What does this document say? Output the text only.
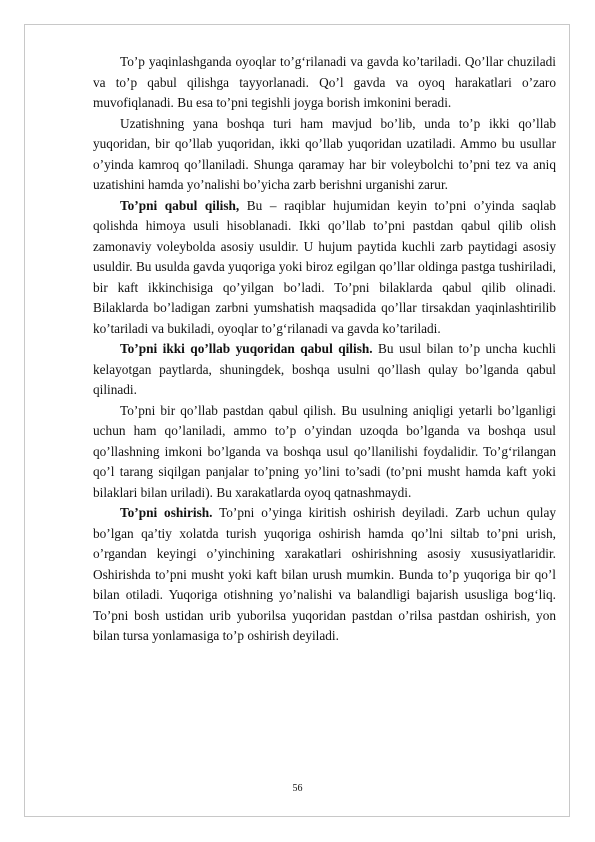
To’p yaqinlashganda oyoqlar to’g‘rilanadi va gavda ko’tariladi. Qo’llar chuziladi va to’p qabul qilishga tayyorlanadi. Qo’l gavda va oyoq harakatlari o’zaro muvofiqlanadi. Bu esa to’pni tegishli joyga borish imkonini beradi.

Uzatishning yana boshqa turi ham mavjud bo’lib, unda to’p ikki qo’llab yuqoridan, bir qo’llab yuqoridan, ikki qo’llab yuqoridan uzatiladi. Ammo bu usullar o’yinda kamroq qo’llaniladi. Shunga qaramay har bir voleybolchi to’pni tez va aniq uzatishini hamda yo’nalishi bo’yicha zarb berishni urganishi zarur.

To’pni qabul qilish, Bu – raqiblar hujumidan keyin to’pni o’yinda saqlab qolishda himoya usuli hisoblanadi. Ikki qo’llab to’pni pastdan qabul qilib olish zamonaviy voleybolda asosiy usuldir. U hujum paytida kuchli zarb paytidagi asosiy usuldir. Bu usulda gavda yuqoriga yoki biroz egilgan qo’llar oldinga pastga tushiriladi, bir kaft ikkinchisiga qo’yilgan bo’ladi. To’pni bilaklarda qabul qilib olinadi. Bilaklarda bo’ladigan zarbni yumshatish maqsadida qo’llar tirsakdan yaqinlashtirilib ko’tariladi va bukiladi, oyoqlar to’g‘rilanadi va gavda ko’tariladi.

To’pni ikki qo’llab yuqoridan qabul qilish. Bu usul bilan to’p uncha kuchli kelayotgan paytlarda, shuningdek, boshqa usulni qo’llash qulay bo’lganda qabul qilinadi.

To’pni bir qo’llab pastdan qabul qilish. Bu usulning aniqligi yetarli bo’lganligi uchun ham qo’laniladi, ammo to’p o’yindan uzoqda bo’lganda va boshqa usul qo’llashning imkoni bo’lganda va boshqa usul qo’llanilishi foydalidir. To’g‘rilangan qo’l tarang siqilgan panjalar to’pning yo’lini to’sadi (to’pni musht hamda kaft yoki bilaklari bilan uriladi). Bu xarakatlarda oyoq qatnashmaydi.

To’pni oshirish. To’pni o’yinga kiritish oshirish deyiladi. Zarb uchun qulay bo’lgan qa’tiy xolatda turish yuqoriga oshirish hamda qo’lni siltab to’pni urish, o’rgandan keyingi o’yinchining xarakatlari oshirishning asosiy xususiyatlaridir. Oshirishda to’pni musht yoki kaft bilan urush mumkin. Bunda to’p yuqoriga bir qo’l bilan otiladi. Yuqoriga otishning yo’nalishi va balandligi bajarish ususliga bog‘liq. To’pni bosh ustidan urib yuborilsa yuqoridan pastdan o’rilsa pastdan oshirish, yon bilan tursa yonlamasiga to’p oshirish deyiladi.

56
